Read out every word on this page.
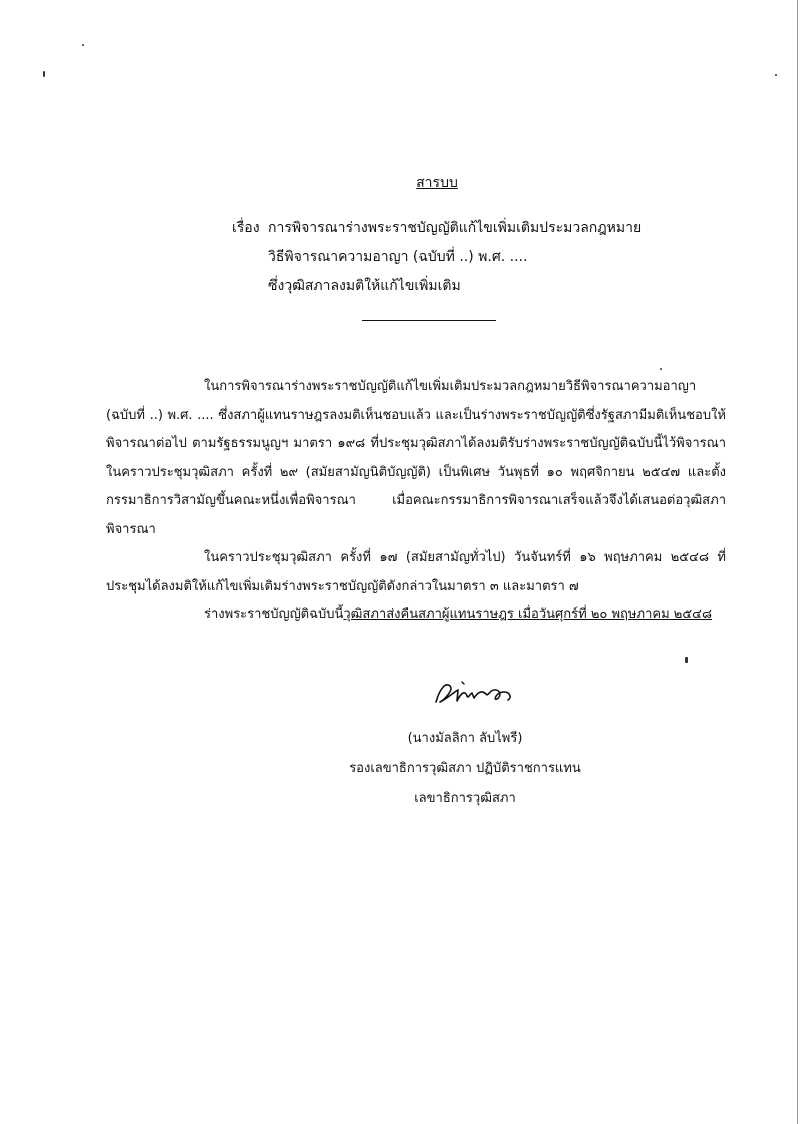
สารบบ
เรื่อง การพิจารณาร่างพระราชบัญญัติแก้ไขเพิ่มเติมประมวลกฎหมาย
วิธีพิจารณาความอาญา (ฉบับที่ ..) พ.ศ. ....
ซึ่งวุฒิสภาลงมติให้แก้ไขเพิ่มเติม

ในการพิจารณาร่างพระราชบัญญัติแก้ไขเพิ่มเติมประมวลกฎหมายวิธีพิจารณาความอาญา (ฉบับที่ ..) พ.ศ. .... ซึ่งสภาผู้แทนราษฎรลงมติเห็นชอบแล้ว และเป็นร่างพระราชบัญญัติซึ่งรัฐสภามีมติเห็นชอบให้พิจารณาต่อไป ตามรัฐธรรมนูญฯ มาตรา ๑๙๘ ที่ประชุมวุฒิสภาได้ลงมติรับร่างพระราชบัญญัติฉบับนี้ไว้พิจารณา ในคราวประชุมวุฒิสภา ครั้งที่ ๒๙ (สมัยสามัญนิติบัญญัติ) เป็นพิเศษ วันพุธที่ ๑๐ พฤศจิกายน ๒๕๔๗ และตั้งกรรมาธิการวิสามัญขึ้นคณะหนึ่งเพื่อพิจารณา เมื่อคณะกรรมาธิการพิจารณาเสร็จแล้วจึงได้เสนอต่อวุฒิสภาพิจารณา

ในคราวประชุมวุฒิสภา ครั้งที่ ๑๗ (สมัยสามัญทั่วไป) วันจันทร์ที่ ๑๖ พฤษภาคม ๒๕๔๘ ที่ประชุมได้ลงมติให้แก้ไขเพิ่มเติมร่างพระราชบัญญัติดังกล่าวในมาตรา ๓ และมาตรา ๗

ร่างพระราชบัญญัติฉบับนี้วุฒิสภาส่งคืนสภาผู้แทนราษฎร เมื่อวันศุกร์ที่ ๒๐ พฤษภาคม ๒๕๔๘

(นางมัลลิกา ลับไพรี)
รองเลขาธิการวุฒิสภา ปฏิบัติราชการแทน
เลขาธิการวุฒิสภา
